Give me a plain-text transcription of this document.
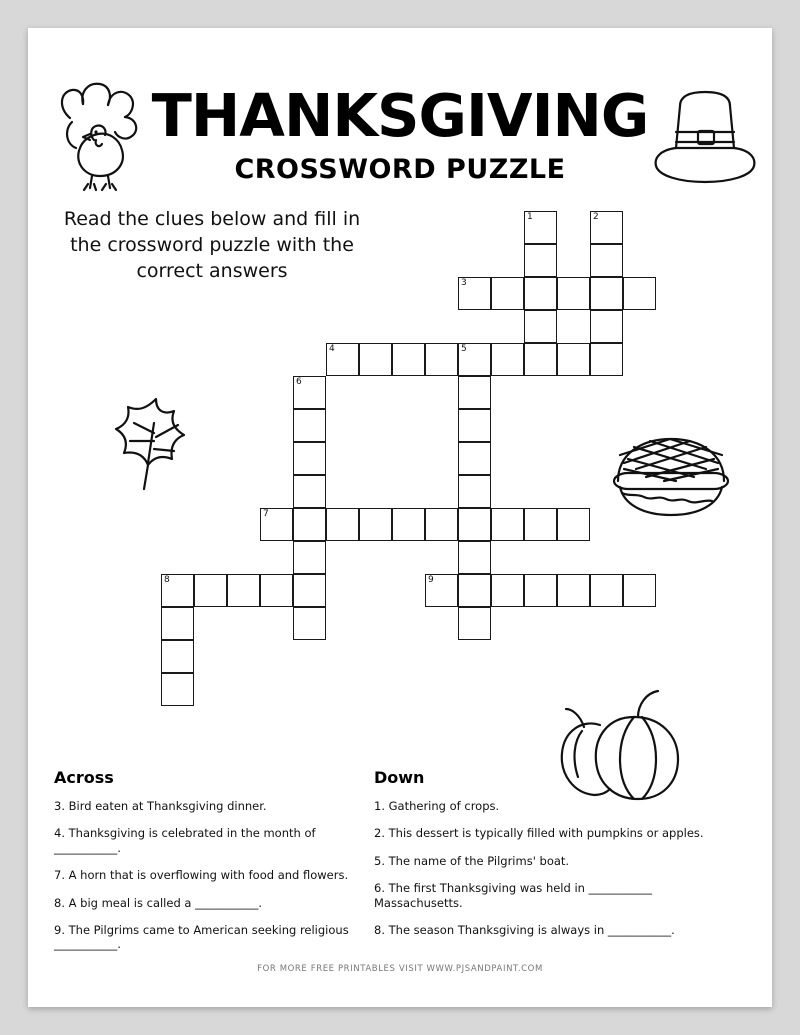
THANKSGIVING
CROSSWORD PUZZLE
Read the clues below and fill in the crossword puzzle with the correct answers
1	2
3
4	5
6
7
8	9
Across
3. Bird eaten at Thanksgiving dinner.
4. Thanksgiving is celebrated in the month of ___________.
7. A horn that is overflowing with food and flowers.
8. A big meal is called a ___________.
9. The Pilgrims came to American seeking religious ___________.
Down
1. Gathering of crops.
2. This dessert is typically filled with pumpkins or apples.
5. The name of the Pilgrims' boat.
6. The first Thanksgiving was held in ___________ Massachusetts.
8. The season Thanksgiving is always in ___________.
FOR MORE FREE PRINTABLES VISIT WWW.PJSANDPAINT.COM
